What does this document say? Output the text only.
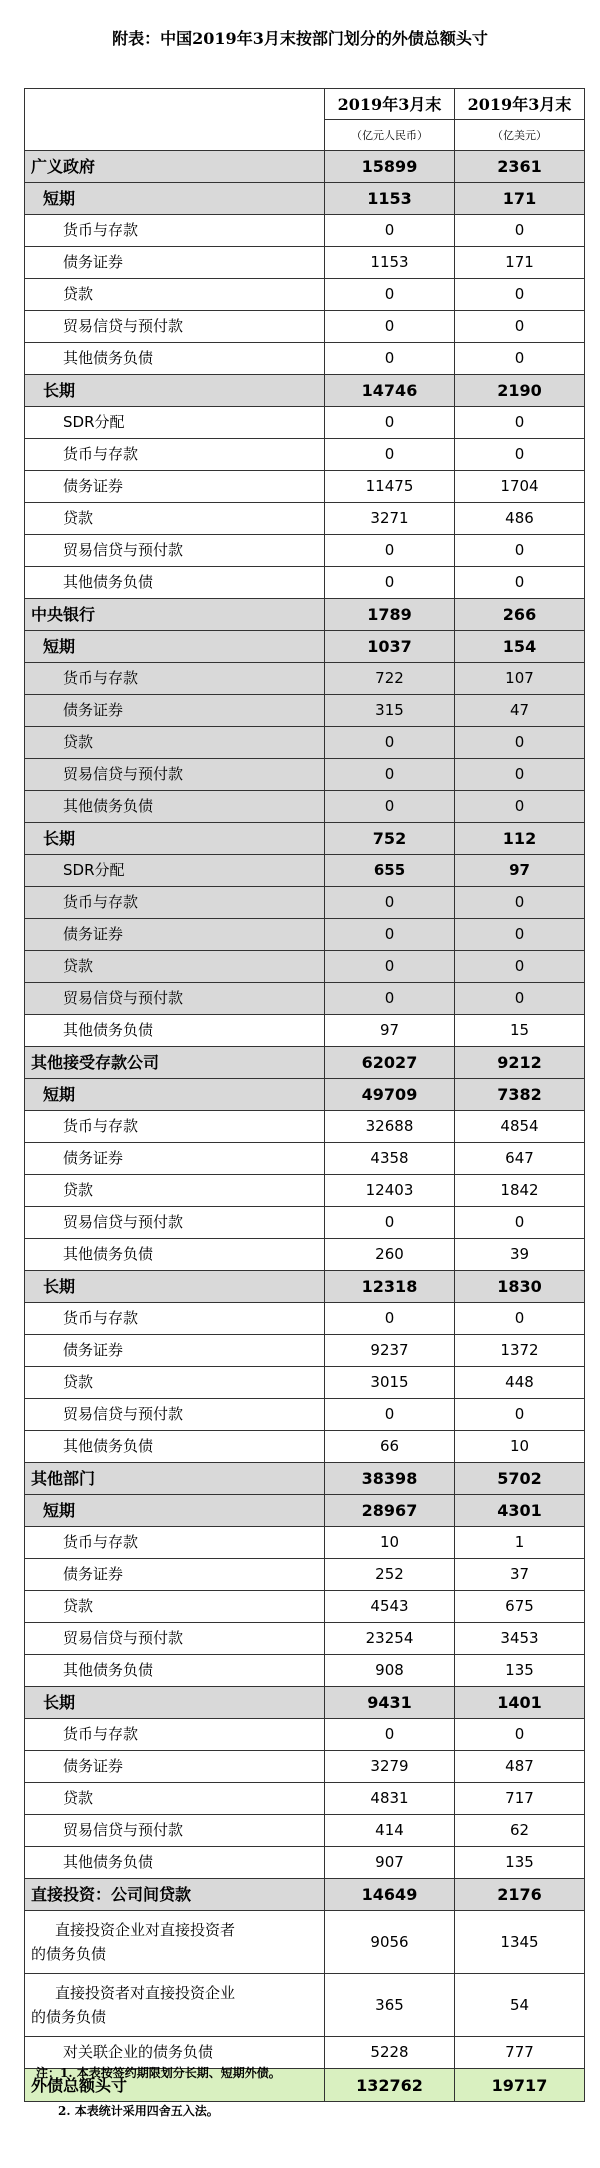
附表：中国2019年3月末按部门划分的外债总额头寸
	2019年3月末	2019年3月末
	（亿元人民币）	（亿美元）
广义政府	15899	2361
短期	1153	171
货币与存款	0	0
债务证券	1153	171
贷款	0	0
贸易信贷与预付款	0	0
其他债务负债	0	0
长期	14746	2190
SDR分配	0	0
货币与存款	0	0
债务证券	11475	1704
贷款	3271	486
贸易信贷与预付款	0	0
其他债务负债	0	0
中央银行	1789	266
短期	1037	154
货币与存款	722	107
债务证券	315	47
贷款	0	0
贸易信贷与预付款	0	0
其他债务负债	0	0
长期	752	112
SDR分配	655	97
货币与存款	0	0
债务证券	0	0
贷款	0	0
贸易信贷与预付款	0	0
其他债务负债	97	15
其他接受存款公司	62027	9212
短期	49709	7382
货币与存款	32688	4854
债务证券	4358	647
贷款	12403	1842
贸易信贷与预付款	0	0
其他债务负债	260	39
长期	12318	1830
货币与存款	0	0
债务证券	9237	1372
贷款	3015	448
贸易信贷与预付款	0	0
其他债务负债	66	10
其他部门	38398	5702
短期	28967	4301
货币与存款	10	1
债务证券	252	37
贷款	4543	675
贸易信贷与预付款	23254	3453
其他债务负债	908	135
长期	9431	1401
货币与存款	0	0
债务证券	3279	487
贷款	4831	717
贸易信贷与预付款	414	62
其他债务负债	907	135
直接投资：公司间贷款	14649	2176

直接投资企业对直接投资者
的债务负债	9056	1345

直接投资者对直接投资企业
的债务负债	365	54
对关联企业的债务负债	5228	777
外债总额头寸	132762	19717

注：1. 本表按签约期限划分长期、短期外债。

2. 本表统计采用四舍五入法。
